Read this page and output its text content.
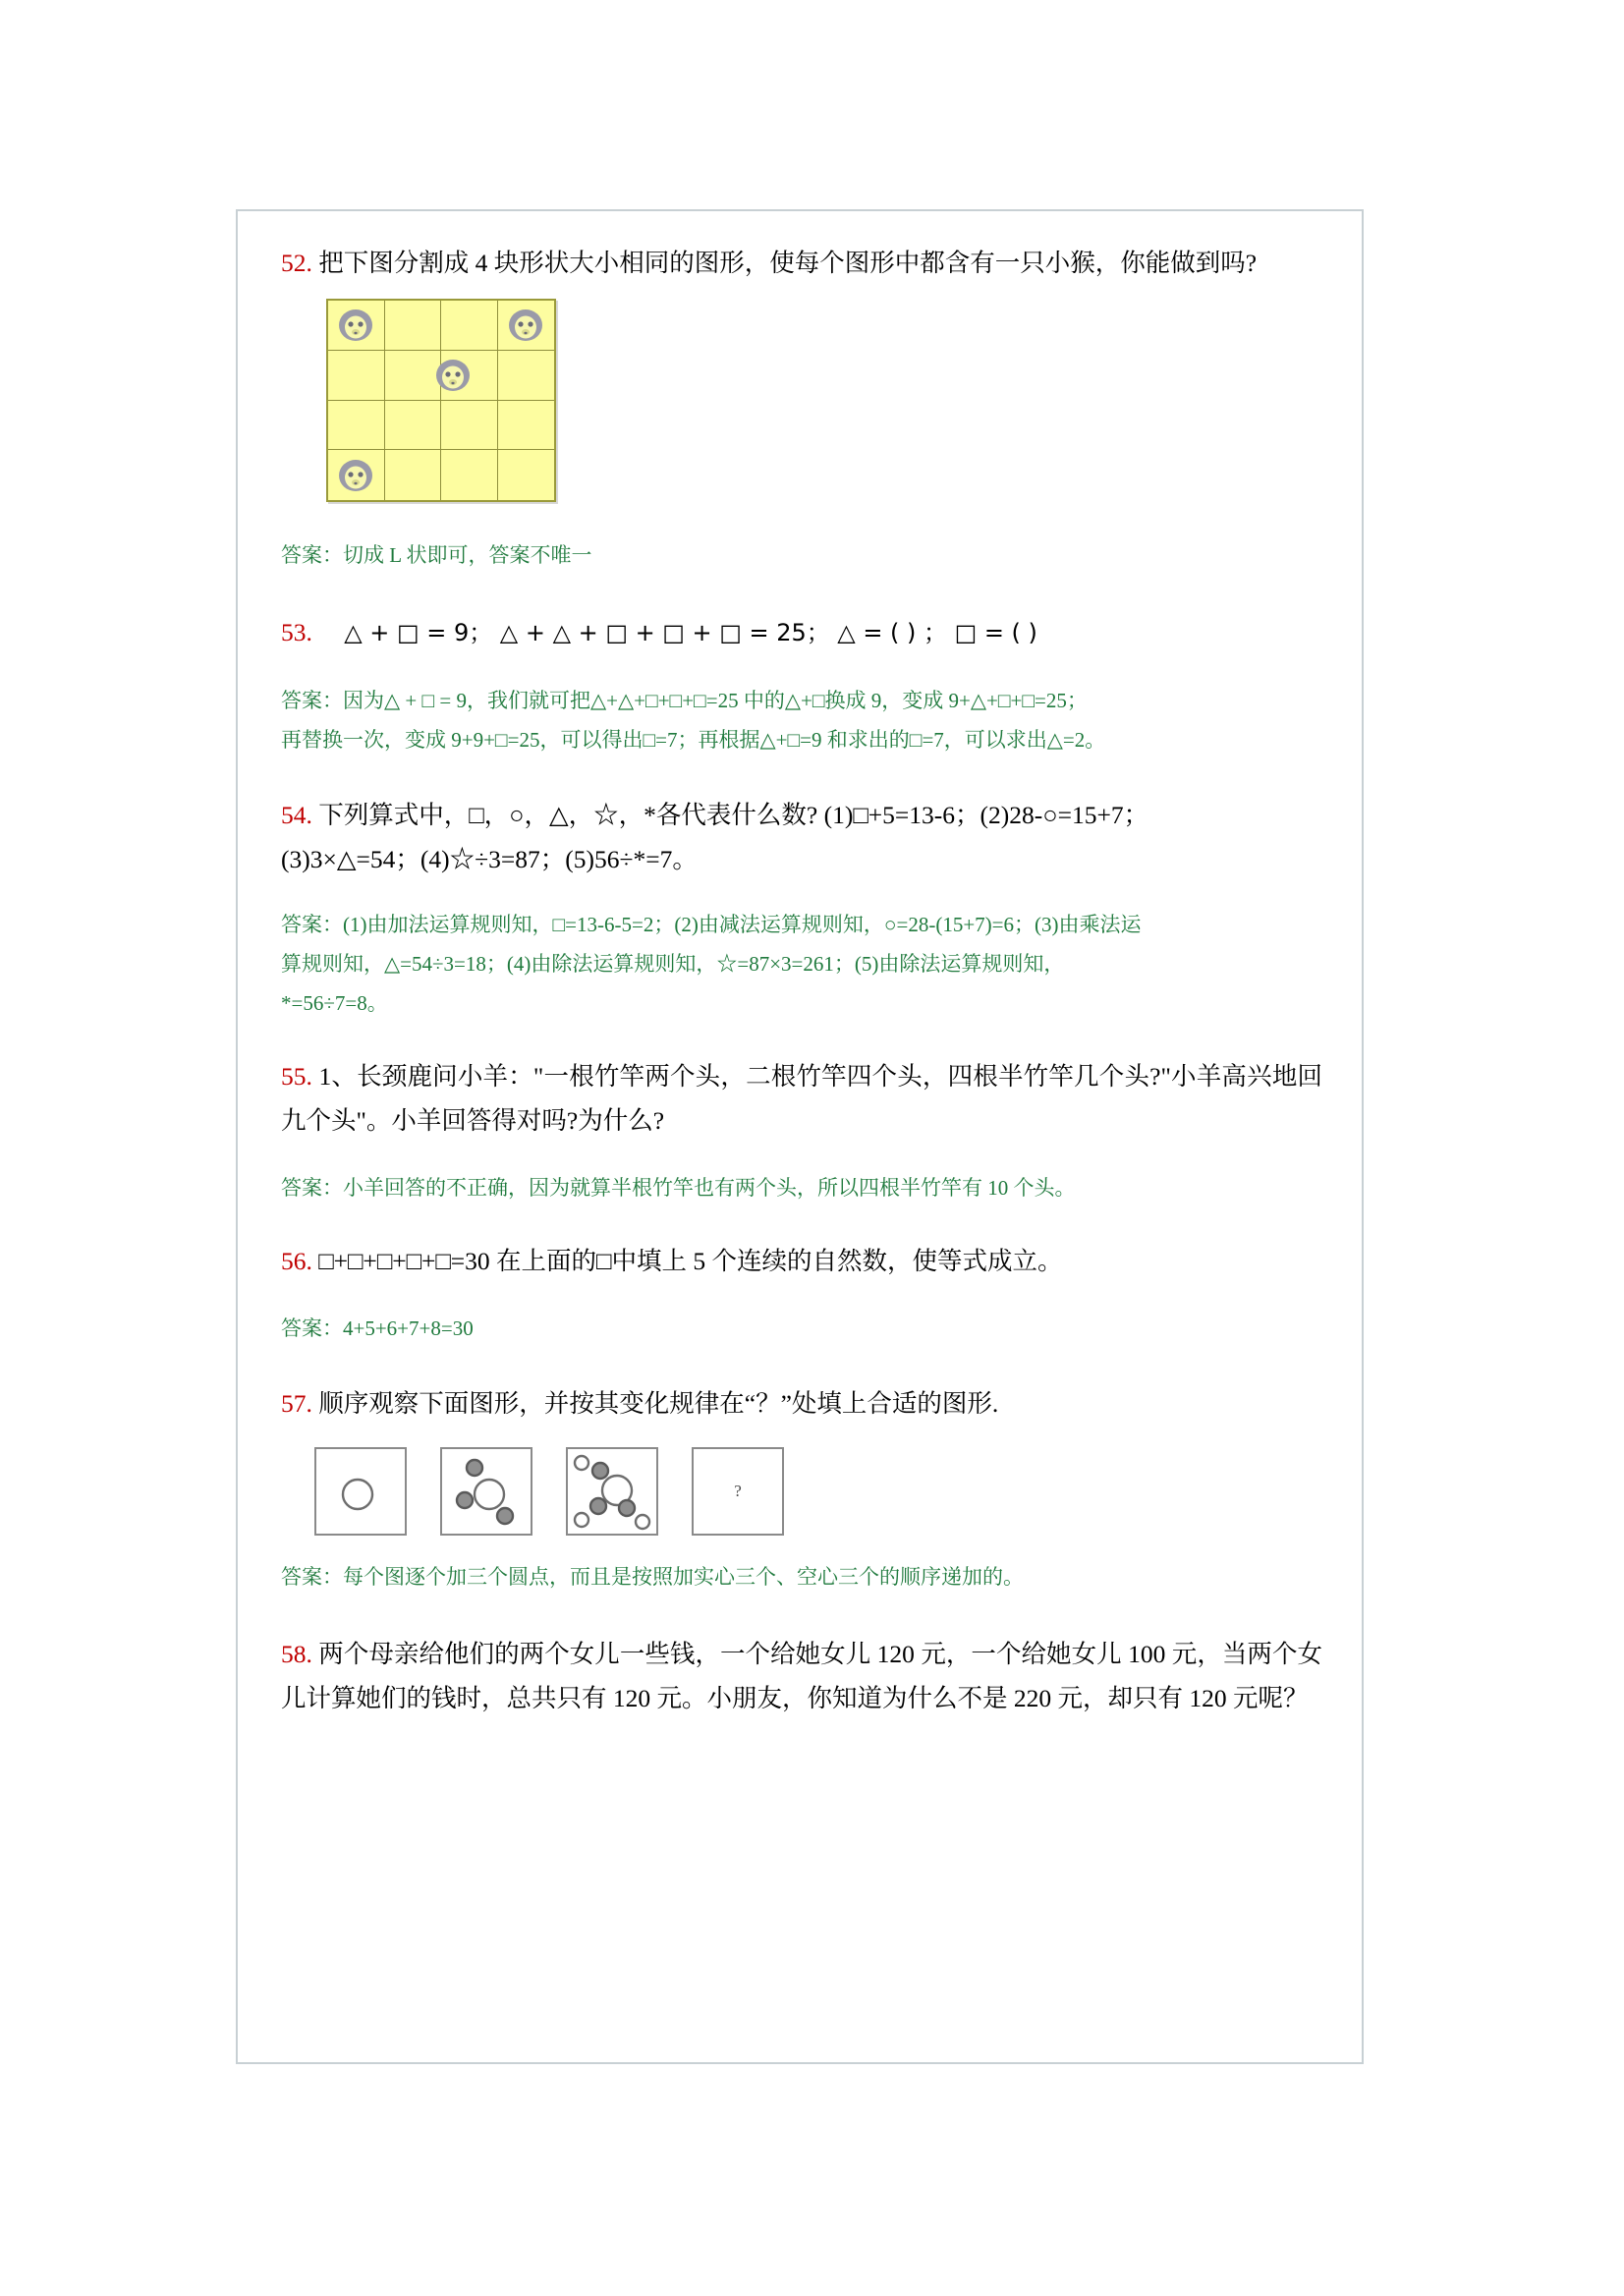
52. 把下图分割成 4 块形状大小相同的图形，使每个图形中都含有一只小猴，你能做到吗?
答案：切成 L 状即可，答案不唯一
53. △ + □ = 9； △ + △ + □ + □ + □ = 25； △ = ( ) ； □ = ( )
答案：因为△ + □ = 9，我们就可把△+△+□+□+□=25 中的△+□换成 9，变成 9+△+□+□=25；
再替换一次，变成 9+9+□=25，可以得出□=7；再根据△+□=9 和求出的□=7，可以求出△=2。
54. 下列算式中，□，○，△，☆，*各代表什么数? (1)□+5=13-6；(2)28-○=15+7；
(3)3×△=54；(4)☆÷3=87；(5)56÷*=7。
答案：(1)由加法运算规则知，□=13-6-5=2；(2)由减法运算规则知，○=28-(15+7)=6；(3)由乘法运
算规则知，△=54÷3=18；(4)由除法运算规则知，☆=87×3=261；(5)由除法运算规则知，
*=56÷7=8。
55. 1、长颈鹿问小羊："一根竹竿两个头，二根竹竿四个头，四根半竹竿几个头?"小羊高兴地回九个头"。小羊回答得对吗?为什么?
答案：小羊回答的不正确，因为就算半根竹竿也有两个头，所以四根半竹竿有 10 个头。
56. □+□+□+□+□=30 在上面的□中填上 5 个连续的自然数，使等式成立。
答案：4+5+6+7+8=30
57. 顺序观察下面图形，并按其变化规律在“？”处填上合适的图形.
?
答案：每个图逐个加三个圆点，而且是按照加实心三个、空心三个的顺序递加的。
58. 两个母亲给他们的两个女儿一些钱，一个给她女儿 120 元，一个给她女儿 100 元，当两个女儿计算她们的钱时，总共只有 120 元。小朋友，你知道为什么不是 220 元，却只有 120 元呢？
